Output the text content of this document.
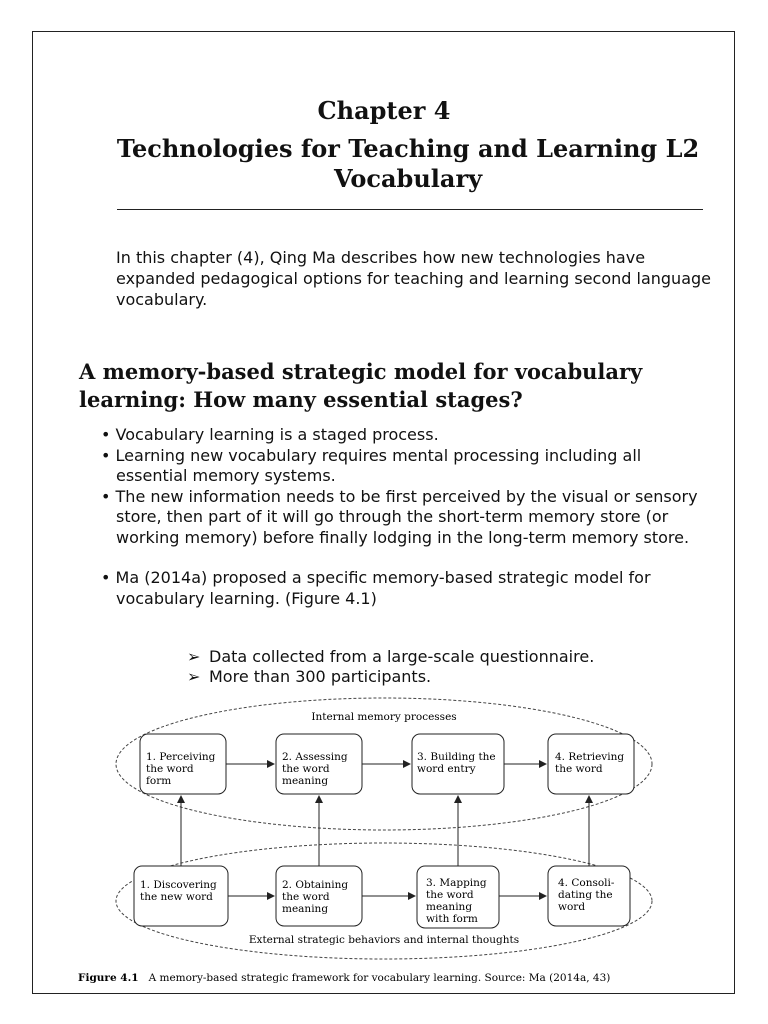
Chapter 4
Technologies for Teaching and Learning L2 Vocabulary

In this chapter (4), Qing Ma describes how new technologies have expanded pedagogical options for teaching and learning second language vocabulary.

A memory-based strategic model for vocabulary learning: How many essential stages?
• Vocabulary learning is a staged process.
• Learning new vocabulary requires mental processing including all essential memory systems.
• The new information needs to be first perceived by the visual or sensory store, then part of it will go through the short-term memory store (or working memory) before finally lodging in the long-term memory store.
• Ma (2014a) proposed a specific memory-based strategic model for vocabulary learning. (Figure 4.1)
➢ Data collected from a large-scale questionnaire.
➢ More than 300 participants.
Internal memory processes
External strategic behaviors and internal thoughts
1. Perceiving
the word
form
2. Assessing
the word
meaning
3. Building the
word entry
4. Retrieving
the word
1. Discovering
the new word
2. Obtaining
the word
meaning
3. Mapping
the word
meaning
with form
4. Consoli-
dating the
word
Figure 4.1 A memory-based strategic framework for vocabulary learning. Source: Ma (2014a, 43)
